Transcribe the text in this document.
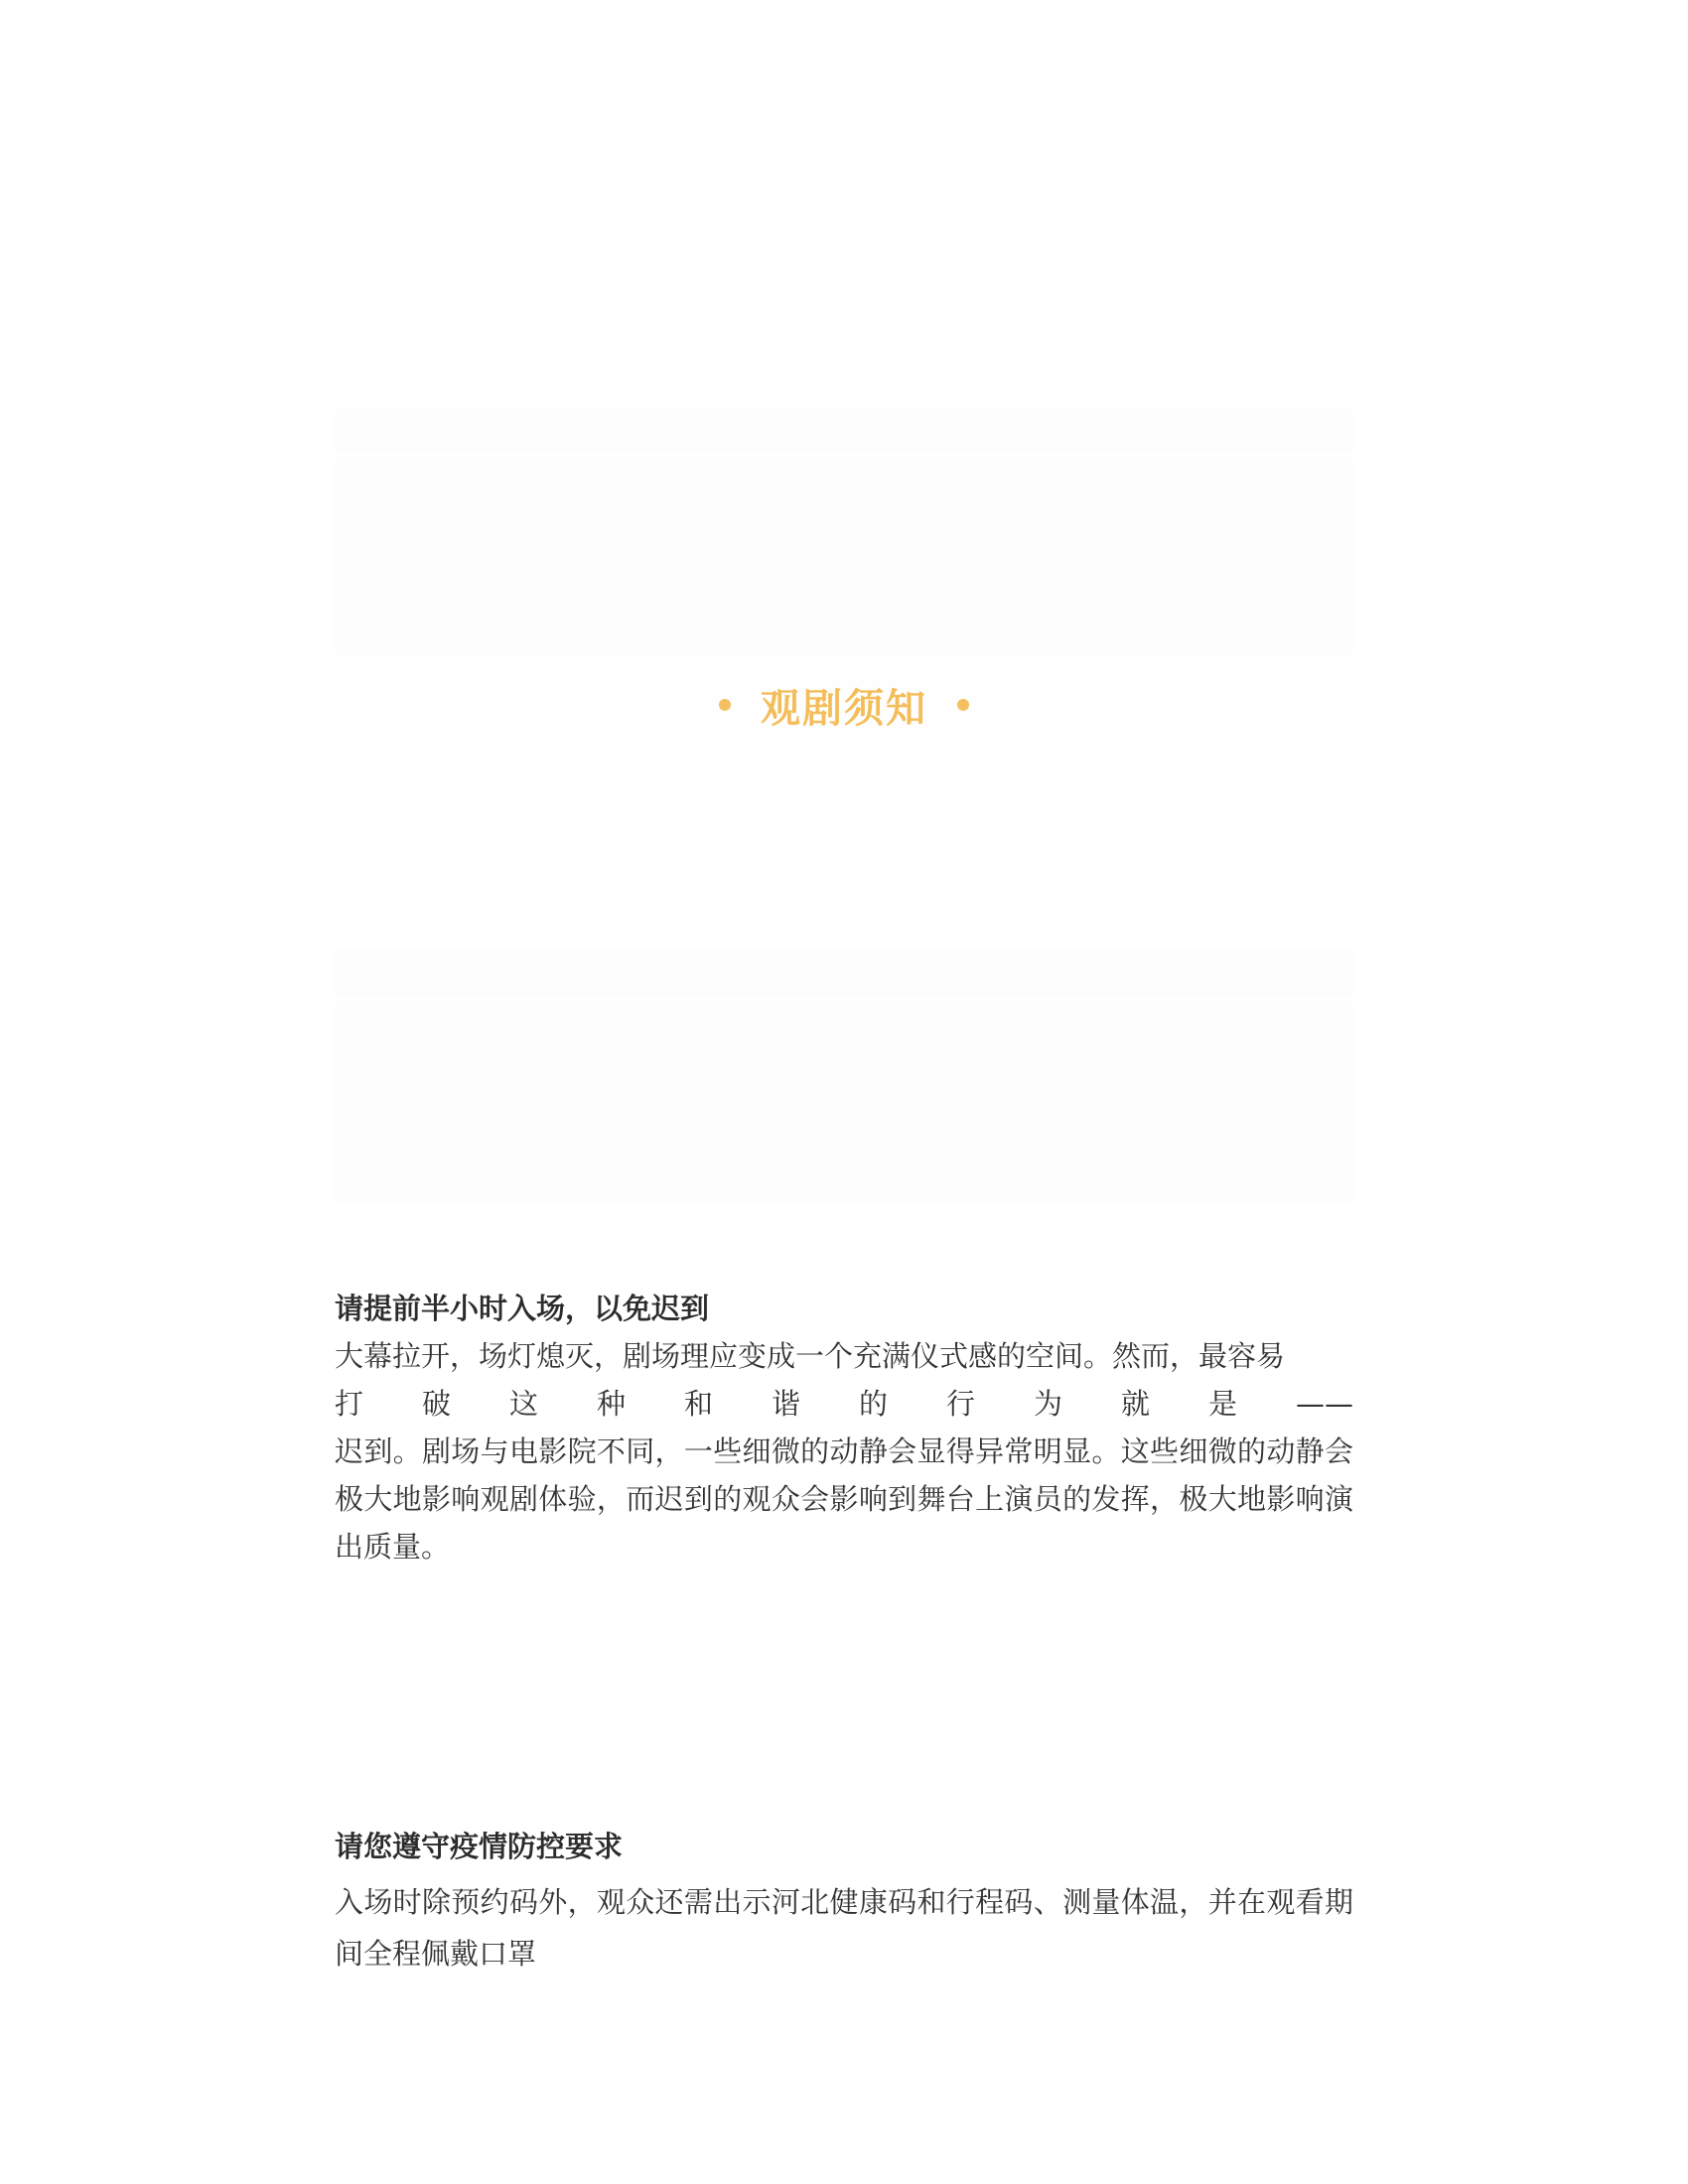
观剧须知

请提前半小时入场，以免迟到

大幕拉开，场灯熄灭，剧场理应变成一个充满仪式感的空间。然而，最容易

打 破 这 种 和 谐 的 行 为 就 是 ——

迟到。剧场与电影院不同，一些细微的动静会显得异常明显。这些细微的动静会极大地影响观剧体验，而迟到的观众会影响到舞台上演员的发挥，极大地影响演出质量。

请您遵守疫情防控要求

入场时除预约码外，观众还需出示河北健康码和行程码、测量体温，并在观看期间全程佩戴口罩
